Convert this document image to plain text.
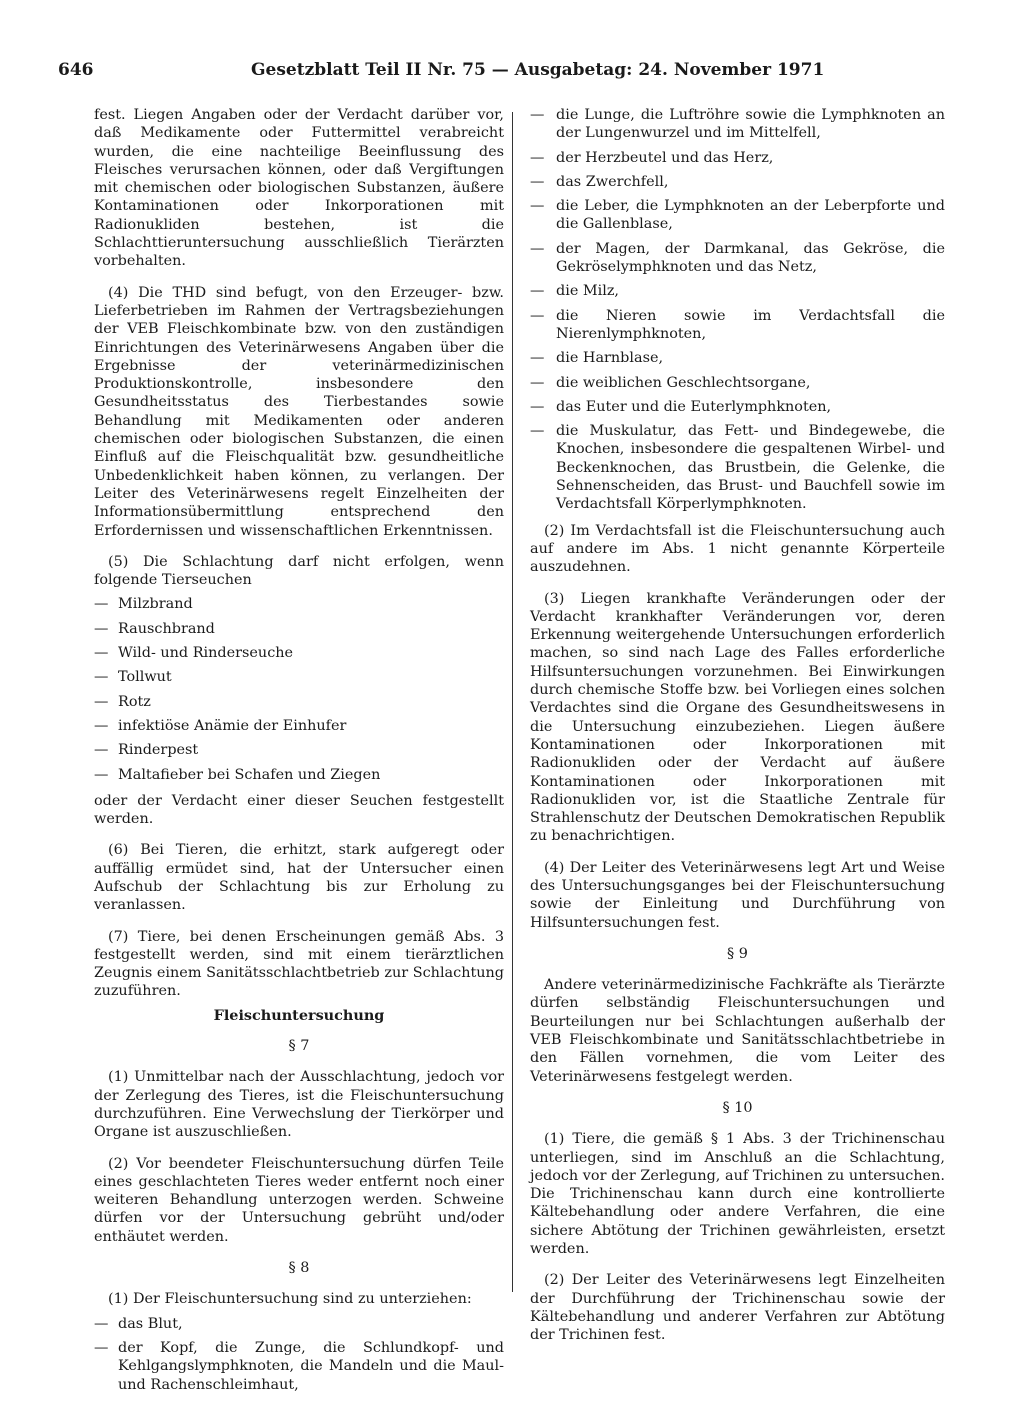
646	Gesetzblatt Teil II Nr. 75 — Ausgabetag: 24. November 1971

fest. Liegen Angaben oder der Verdacht darüber vor, daß Medikamente oder Futtermittel verabreicht wurden, die eine nachteilige Beeinflussung des Fleisches verursachen können, oder daß Vergiftungen mit chemischen oder biologischen Substanzen, äußere Kontaminationen oder Inkorporationen mit Radionukliden bestehen, ist die Schlachttieruntersuchung ausschließlich Tierärzten vorbehalten.

(4) Die THD sind befugt, von den Erzeuger- bzw. Lieferbetrieben im Rahmen der Vertragsbeziehungen der VEB Fleischkombinate bzw. von den zuständigen Einrichtungen des Veterinärwesens Angaben über die Ergebnisse der veterinärmedizinischen Produktionskontrolle, insbesondere den Gesundheitsstatus des Tierbestandes sowie Behandlung mit Medikamenten oder anderen chemischen oder biologischen Substanzen, die einen Einfluß auf die Fleischqualität bzw. gesundheitliche Unbedenklichkeit haben können, zu verlangen. Der Leiter des Veterinärwesens regelt Einzelheiten der Informationsübermittlung entsprechend den Erfordernissen und wissenschaftlichen Erkenntnissen.

(5) Die Schlachtung darf nicht erfolgen, wenn folgende Tierseuchen

— Milzbrand
— Rauschbrand
— Wild- und Rinderseuche
— Tollwut
— Rotz
— infektiöse Anämie der Einhufer
— Rinderpest
— Maltafieber bei Schafen und Ziegen

oder der Verdacht einer dieser Seuchen festgestellt werden.

(6) Bei Tieren, die erhitzt, stark aufgeregt oder auffällig ermüdet sind, hat der Untersucher einen Aufschub der Schlachtung bis zur Erholung zu veranlassen.

(7) Tiere, bei denen Erscheinungen gemäß Abs. 3 festgestellt werden, sind mit einem tierärztlichen Zeugnis einem Sanitätsschlachtbetrieb zur Schlachtung zuzuführen.

Fleischuntersuchung
§ 7

(1) Unmittelbar nach der Ausschlachtung, jedoch vor der Zerlegung des Tieres, ist die Fleischuntersuchung durchzuführen. Eine Verwechslung der Tierkörper und Organe ist auszuschließen.

(2) Vor beendeter Fleischuntersuchung dürfen Teile eines geschlachteten Tieres weder entfernt noch einer weiteren Behandlung unterzogen werden. Schweine dürfen vor der Untersuchung gebrüht und/oder enthäutet werden.

§ 8

(1) Der Fleischuntersuchung sind zu unterziehen:

— das Blut,
— der Kopf, die Zunge, die Schlundkopf- und Kehlgangslymphknoten, die Mandeln und die Maul- und Rachenschleimhaut,
— die Lunge, die Luftröhre sowie die Lymphknoten an der Lungenwurzel und im Mittelfell,
— der Herzbeutel und das Herz,
— das Zwerchfell,
— die Leber, die Lymphknoten an der Leberpforte und die Gallenblase,
— der Magen, der Darmkanal, das Gekröse, die Gekröselymphknoten und das Netz,
— die Milz,
— die Nieren sowie im Verdachtsfall die Nierenlymphknoten,
— die Harnblase,
— die weiblichen Geschlechtsorgane,
— das Euter und die Euterlymphknoten,
— die Muskulatur, das Fett- und Bindegewebe, die Knochen, insbesondere die gespaltenen Wirbel- und Beckenknochen, das Brustbein, die Gelenke, die Sehnenscheiden, das Brust- und Bauchfell sowie im Verdachtsfall Körperlymphknoten.

(2) Im Verdachtsfall ist die Fleischuntersuchung auch auf andere im Abs. 1 nicht genannte Körperteile auszudehnen.

(3) Liegen krankhafte Veränderungen oder der Verdacht krankhafter Veränderungen vor, deren Erkennung weitergehende Untersuchungen erforderlich machen, so sind nach Lage des Falles erforderliche Hilfsuntersuchungen vorzunehmen. Bei Einwirkungen durch chemische Stoffe bzw. bei Vorliegen eines solchen Verdachtes sind die Organe des Gesundheitswesens in die Untersuchung einzubeziehen. Liegen äußere Kontaminationen oder Inkorporationen mit Radionukliden oder der Verdacht auf äußere Kontaminationen oder Inkorporationen mit Radionukliden vor, ist die Staatliche Zentrale für Strahlenschutz der Deutschen Demokratischen Republik zu benachrichtigen.

(4) Der Leiter des Veterinärwesens legt Art und Weise des Untersuchungsganges bei der Fleischuntersuchung sowie der Einleitung und Durchführung von Hilfsuntersuchungen fest.

§ 9

Andere veterinärmedizinische Fachkräfte als Tierärzte dürfen selbständig Fleischuntersuchungen und Beurteilungen nur bei Schlachtungen außerhalb der VEB Fleischkombinate und Sanitätsschlachtbetriebe in den Fällen vornehmen, die vom Leiter des Veterinärwesens festgelegt werden.

§ 10

(1) Tiere, die gemäß § 1 Abs. 3 der Trichinenschau unterliegen, sind im Anschluß an die Schlachtung, jedoch vor der Zerlegung, auf Trichinen zu untersuchen. Die Trichinenschau kann durch eine kontrollierte Kältebehandlung oder andere Verfahren, die eine sichere Abtötung der Trichinen gewährleisten, ersetzt werden.

(2) Der Leiter des Veterinärwesens legt Einzelheiten der Durchführung der Trichinenschau sowie der Kältebehandlung und anderer Verfahren zur Abtötung der Trichinen fest.
